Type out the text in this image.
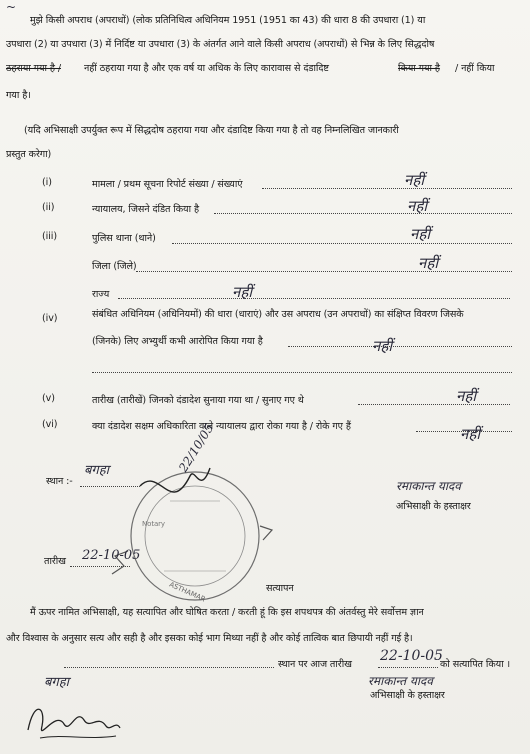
~
मुझे किसी अपराध (अपराधों) (लोक प्रतिनिधित्व अधिनियम 1951 (1951 का 43) की धारा 8 की उपधारा (1) या
उपधारा (2) या उपधारा (3) में निर्दिष्ट या उपधारा (3) के अंतर्गत आने वाले किसी अपराध (अपराधों) से भिन्न के लिए सिद्धदोष
ठहराया गया है / नहीं ठहराया गया है और एक वर्ष या अधिक के लिए कारावास से दंडादिष्ट	किया गया है / नहीं किया
गया है।
(यदि अभिसाक्षी उपर्युक्त रूप में सिद्धदोष ठहराया गया और दंडादिष्ट किया गया है तो वह निम्नलिखित जानकारी
प्रस्तुत करेगा)
(i)	मामला / प्रथम सूचना रिपोर्ट संख्या / संख्याएं	नहीं
(ii)	न्यायालय, जिसने दंडित किया है	नहीं
(iii)	पुलिस थाना (थाने)	नहीं
जिला (जिले)	नहीं
राज्य	नहीं
(iv)	संबंधित अधिनियम (अधिनियमों) की धारा (धाराएं) और उस अपराध (उन अपराधों) का संक्षिप्त विवरण जिसके
(जिनके) लिए अभ्युर्थी कभी आरोपित किया गया है	नहीं
(v)	तारीख (तारीखें) जिनको दंडादेश सुनाया गया था / सुनाए गए थे	नहीं
(vi)	क्या दंडादेश सक्षम अधिकारिता वाले न्यायालय द्वारा रोका गया है / रोके गए हैं	नहीं
स्थान :-
बगहा
रमाकान्त यादव
अभिसाक्षी के हस्ताक्षर
22/10/05
Notary
ASTHAMAR
तारीख 22-10-05
सत्यापन
मैं ऊपर नामित अभिसाक्षी, यह सत्यापित और घोषित करता / करती हूं कि इस शपथपत्र की अंतर्वस्तु मेरे सर्वोत्तम ज्ञान
और विश्वास के अनुसार सत्य और सही है और इसका कोई भाग मिथ्या नहीं है और कोई तात्विक बात छिपायी नहीं गई है।
स्थान पर आज तारीख
22-10-05
को सत्यापित किया ।
बगहा	रमाकान्त यादव
अभिसाक्षी के हस्ताक्षर
